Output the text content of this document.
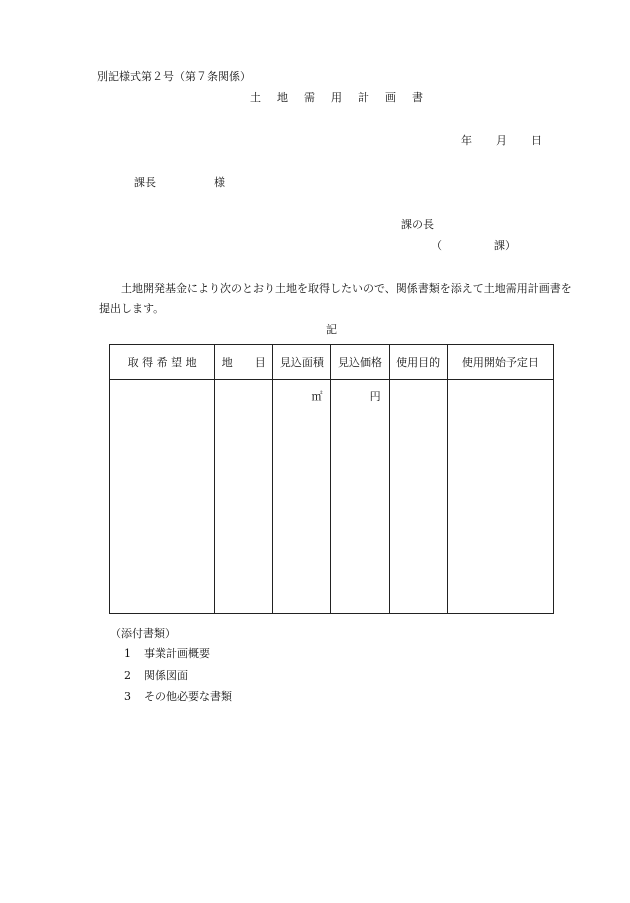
別記様式第２号（第７条関係）
土 地 需 用 計 画 書
年 月 日
課長	様
課の長
（	課）
土地開発基金により次のとおり土地を取得したいので、関係書類を添えて土地需用計画書を提出します。
記
取 得 希 望 地	地　　目	見込面積	見込価格	使用目的	使用開始予定日

		㎡	円		

（添付書類）
1 事業計画概要
2 関係図面
3 その他必要な書類
